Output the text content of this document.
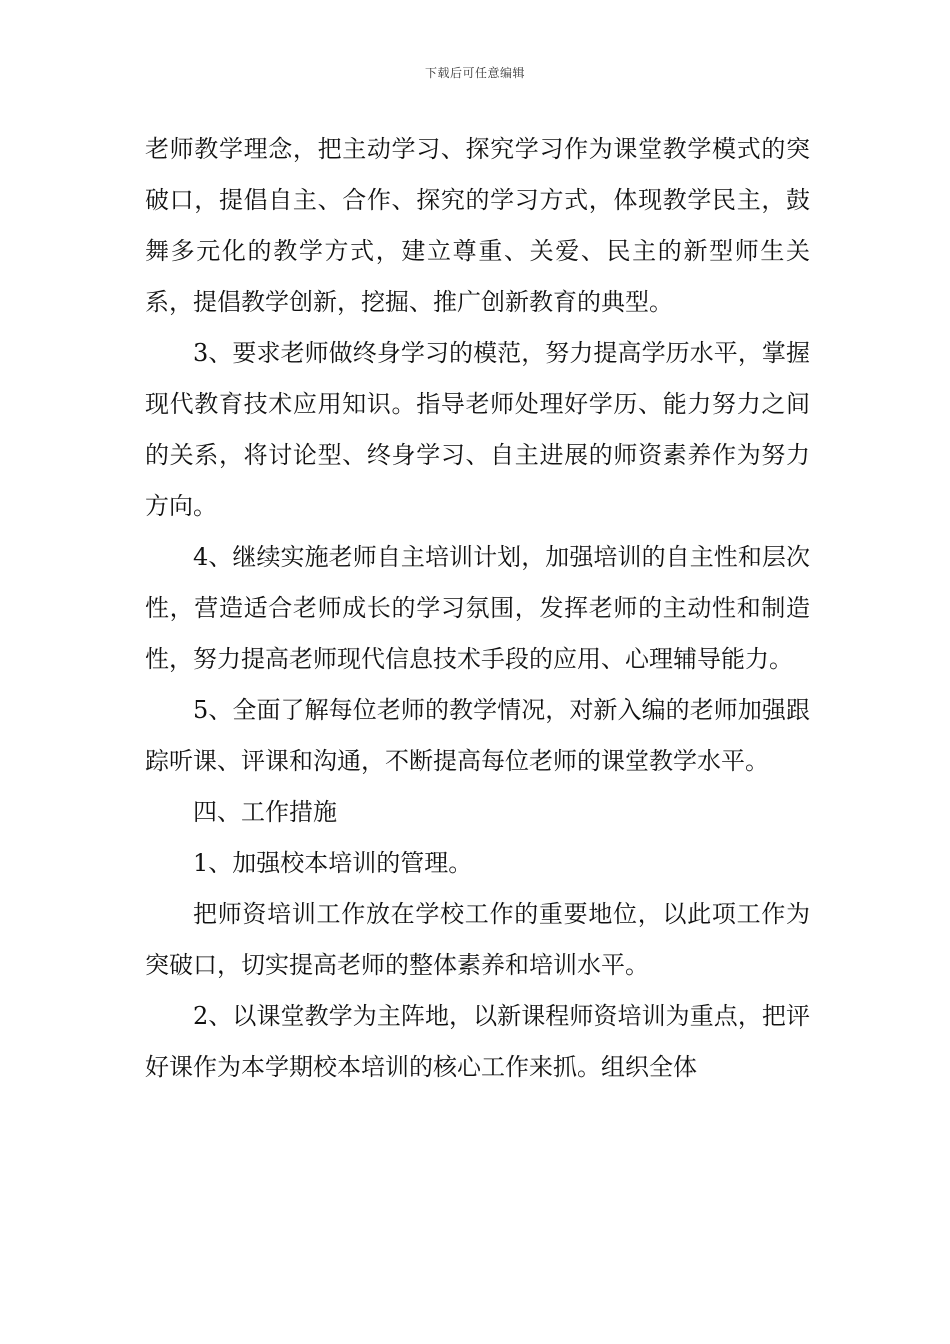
下载后可任意编辑

老师教学理念，把主动学习、探究学习作为课堂教学模式的突破口，提倡自主、合作、探究的学习方式，体现教学民主，鼓舞多元化的教学方式，建立尊重、关爱、民主的新型师生关系，提倡教学创新，挖掘、推广创新教育的典型。

3、要求老师做终身学习的模范，努力提高学历水平，掌握现代教育技术应用知识。指导老师处理好学历、能力努力之间的关系，将讨论型、终身学习、自主进展的师资素养作为努力方向。

4、继续实施老师自主培训计划，加强培训的自主性和层次性，营造适合老师成长的学习氛围，发挥老师的主动性和制造性，努力提高老师现代信息技术手段的应用、心理辅导能力。

5、全面了解每位老师的教学情况，对新入编的老师加强跟踪听课、评课和沟通，不断提高每位老师的课堂教学水平。

四、工作措施

1、加强校本培训的管理。

把师资培训工作放在学校工作的重要地位，以此项工作为突破口，切实提高老师的整体素养和培训水平。

2、以课堂教学为主阵地，以新课程师资培训为重点，把评好课作为本学期校本培训的核心工作来抓。组织全体
